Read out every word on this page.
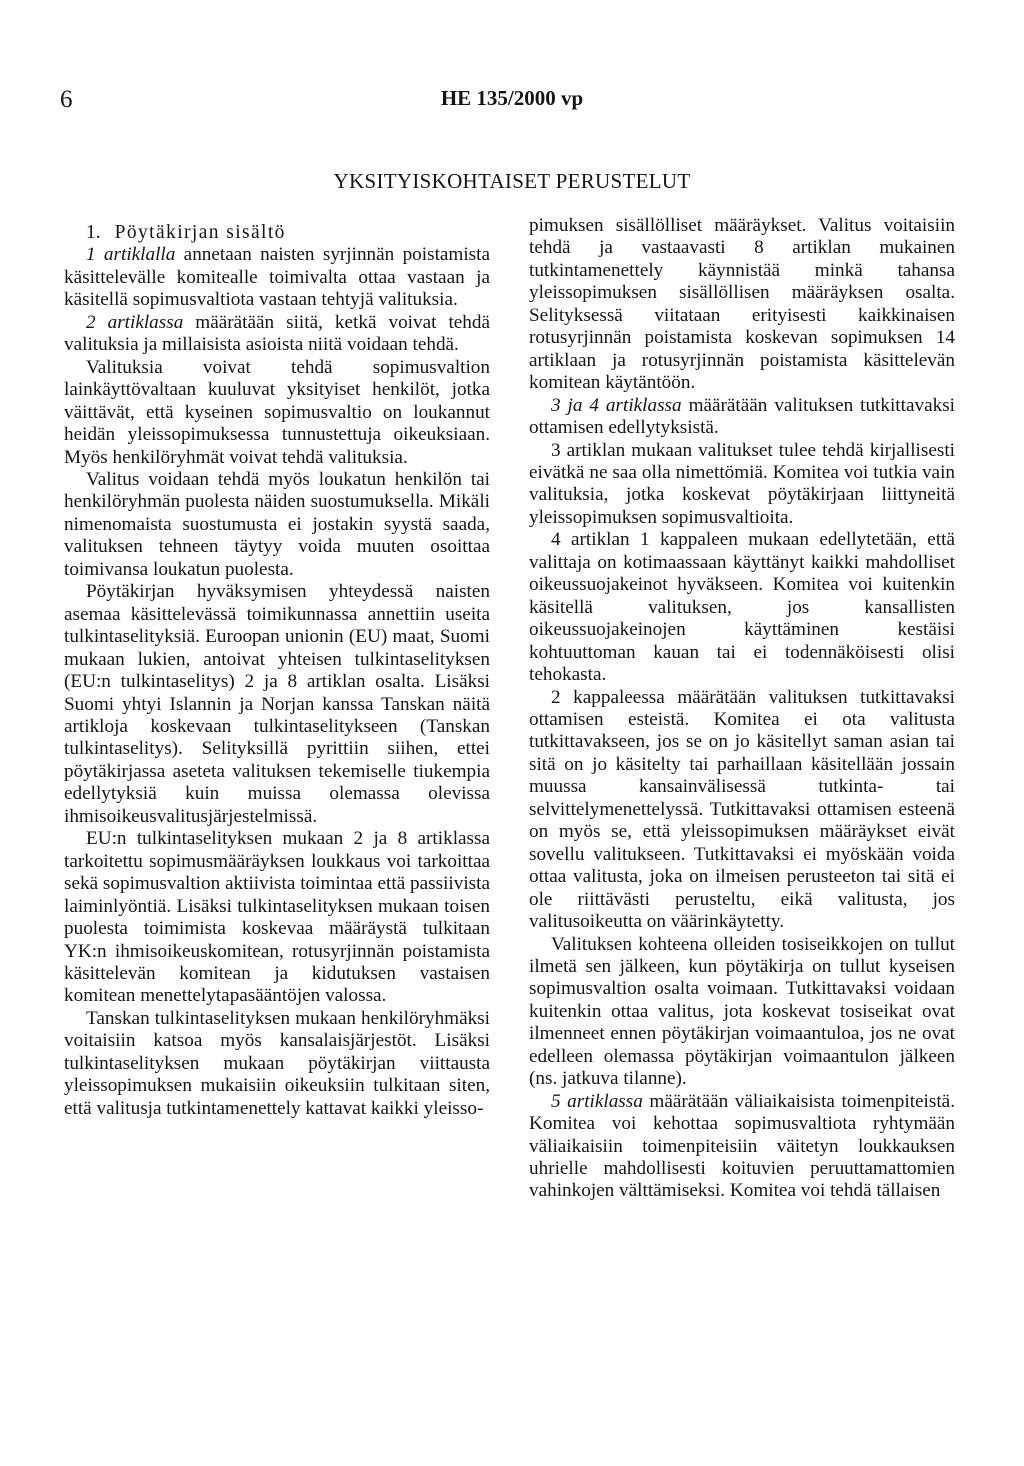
6	HE 135/2000 vp
YKSITYISKOHTAISET PERUSTELUT

1. Pöytäkirjan sisältö

1 artiklalla annetaan naisten syrjinnän poistamista käsittelevälle komitealle toimivalta ottaa vastaan ja käsitellä sopimusvaltiota vastaan tehtyjä valituksia.

2 artiklassa määrätään siitä, ketkä voivat tehdä valituksia ja millaisista asioista niitä voidaan tehdä.

Valituksia voivat tehdä sopimusvaltion lainkäyttövaltaan kuuluvat yksityiset henkilöt, jotka väittävät, että kyseinen sopimusvaltio on loukannut heidän yleissopimuksessa tunnustettuja oikeuksiaan. Myös henkilöryhmät voivat tehdä valituksia.

Valitus voidaan tehdä myös loukatun henkilön tai henkilöryhmän puolesta näiden suostumuksella. Mikäli nimenomaista suostumusta ei jostakin syystä saada, valituksen tehneen täytyy voida muuten osoittaa toimivansa loukatun puolesta.

Pöytäkirjan hyväksymisen yhteydessä naisten asemaa käsittelevässä toimikunnassa annettiin useita tulkintaselityksiä. Euroopan unionin (EU) maat, Suomi mukaan lukien, antoivat yhteisen tulkintaselityksen (EU:n tulkintaselitys) 2 ja 8 artiklan osalta. Lisäksi Suomi yhtyi Islannin ja Norjan kanssa Tanskan näitä artikloja koskevaan tulkintaselitykseen (Tanskan tulkintaselitys). Selityksillä pyrittiin siihen, ettei pöytäkirjassa aseteta valituksen tekemiselle tiukempia edellytyksiä kuin muissa olemassa olevissa ihmisoikeusvalitusjärjestelmissä.

EU:n tulkintaselityksen mukaan 2 ja 8 artiklassa tarkoitettu sopimusmääräyksen loukkaus voi tarkoittaa sekä sopimusvaltion aktiivista toimintaa että passiivista laiminlyöntiä. Lisäksi tulkintaselityksen mukaan toisen puolesta toimimista koskevaa määräystä tulkitaan YK:n ihmisoikeuskomitean, rotusyrjinnän poistamista käsittelevän komitean ja kidutuksen vastaisen komitean menettelytapasääntöjen valossa.

Tanskan tulkintaselityksen mukaan henkilöryhmäksi voitaisiin katsoa myös kansalaisjärjestöt. Lisäksi tulkintaselityksen mukaan pöytäkirjan viittausta yleissopimuksen mukaisiin oikeuksiin tulkitaan siten, että valitusja tutkintamenettely kattavat kaikki yleisso-

pimuksen sisällölliset määräykset. Valitus voitaisiin tehdä ja vastaavasti 8 artiklan mukainen tutkintamenettely käynnistää minkä tahansa yleissopimuksen sisällöllisen määräyksen osalta. Selityksessä viitataan erityisesti kaikkinaisen rotusyrjinnän poistamista koskevan sopimuksen 14 artiklaan ja rotusyrjinnän poistamista käsittelevän komitean käytäntöön.

3 ja 4 artiklassa määrätään valituksen tutkittavaksi ottamisen edellytyksistä.

3 artiklan mukaan valitukset tulee tehdä kirjallisesti eivätkä ne saa olla nimettömiä. Komitea voi tutkia vain valituksia, jotka koskevat pöytäkirjaan liittyneitä yleissopimuksen sopimusvaltioita.

4 artiklan 1 kappaleen mukaan edellytetään, että valittaja on kotimaassaan käyttänyt kaikki mahdolliset oikeussuojakeinot hyväkseen. Komitea voi kuitenkin käsitellä valituksen, jos kansallisten oikeussuojakeinojen käyttäminen kestäisi kohtuuttoman kauan tai ei todennäköisesti olisi tehokasta.

2 kappaleessa määrätään valituksen tutkittavaksi ottamisen esteistä. Komitea ei ota valitusta tutkittavakseen, jos se on jo käsitellyt saman asian tai sitä on jo käsitelty tai parhaillaan käsitellään jossain muussa kansainvälisessä tutkinta- tai selvittelymenettelyssä. Tutkittavaksi ottamisen esteenä on myös se, että yleissopimuksen määräykset eivät sovellu valitukseen. Tutkittavaksi ei myöskään voida ottaa valitusta, joka on ilmeisen perusteeton tai sitä ei ole riittävästi perusteltu, eikä valitusta, jos valitusoikeutta on väärinkäytetty.

Valituksen kohteena olleiden tosiseikkojen on tullut ilmetä sen jälkeen, kun pöytäkirja on tullut kyseisen sopimusvaltion osalta voimaan. Tutkittavaksi voidaan kuitenkin ottaa valitus, jota koskevat tosiseikat ovat ilmenneet ennen pöytäkirjan voimaantuloa, jos ne ovat edelleen olemassa pöytäkirjan voimaantulon jälkeen (ns. jatkuva tilanne).

5 artiklassa määrätään väliaikaisista toimenpiteistä. Komitea voi kehottaa sopimusvaltiota ryhtymään väliaikaisiin toimenpiteisiin väitetyn loukkauksen uhrielle mahdollisesti koituvien peruuttamattomien vahinkojen välttämiseksi. Komitea voi tehdä tällaisen
